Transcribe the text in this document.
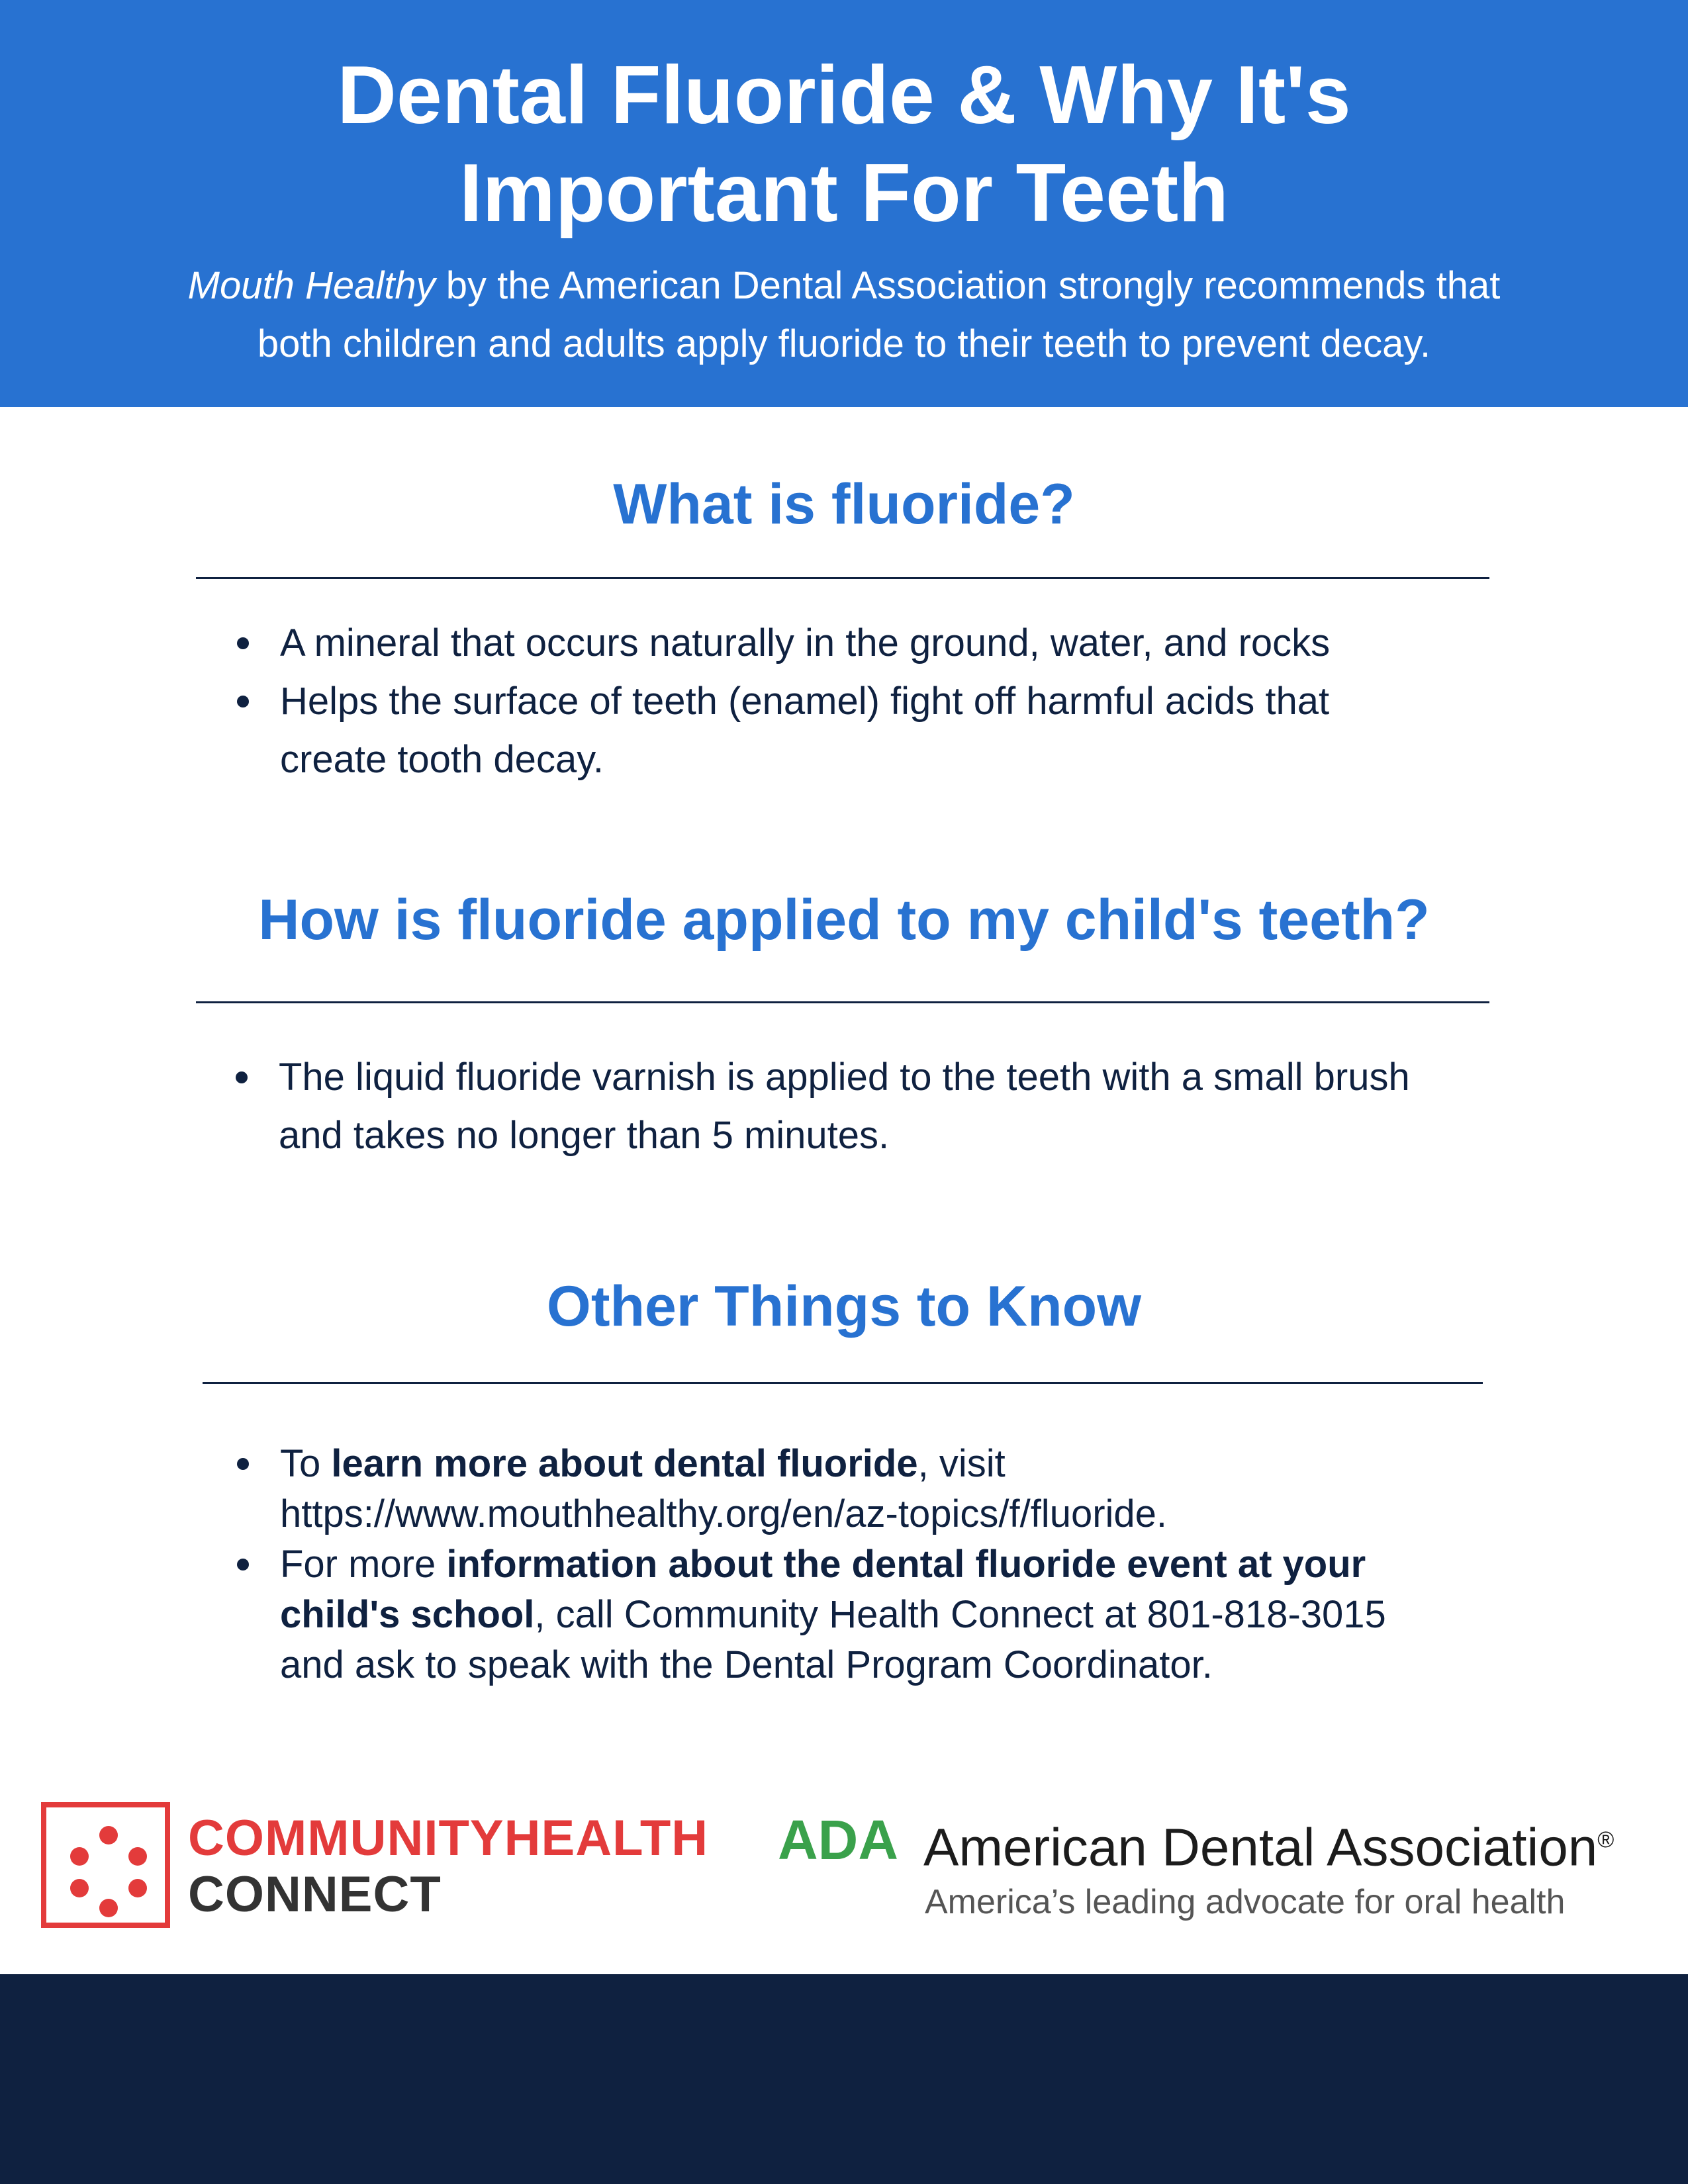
Dental Fluoride & Why It's
Important For Teeth

Mouth Healthy by the American Dental Association strongly recommends that
both children and adults apply fluoride to their teeth to prevent decay.

What is fluoride?
A mineral that occurs naturally in the ground, water, and rocks
Helps the surface of teeth (enamel) fight off harmful acids that
create tooth decay.
How is fluoride applied to my child's teeth?
The liquid fluoride varnish is applied to the teeth with a small brush
and takes no longer than 5 minutes.
Other Things to Know
To learn more about dental fluoride, visit
https://www.mouthhealthy.org/en/az-topics/f/fluoride.
For more information about the dental fluoride event at your
child's school, call Community Health Connect at 801-818-3015
and ask to speak with the Dental Program Coordinator.
COMMUNITYHEALTH
CONNECT
ADA American Dental Association®
America’s leading advocate for oral health
